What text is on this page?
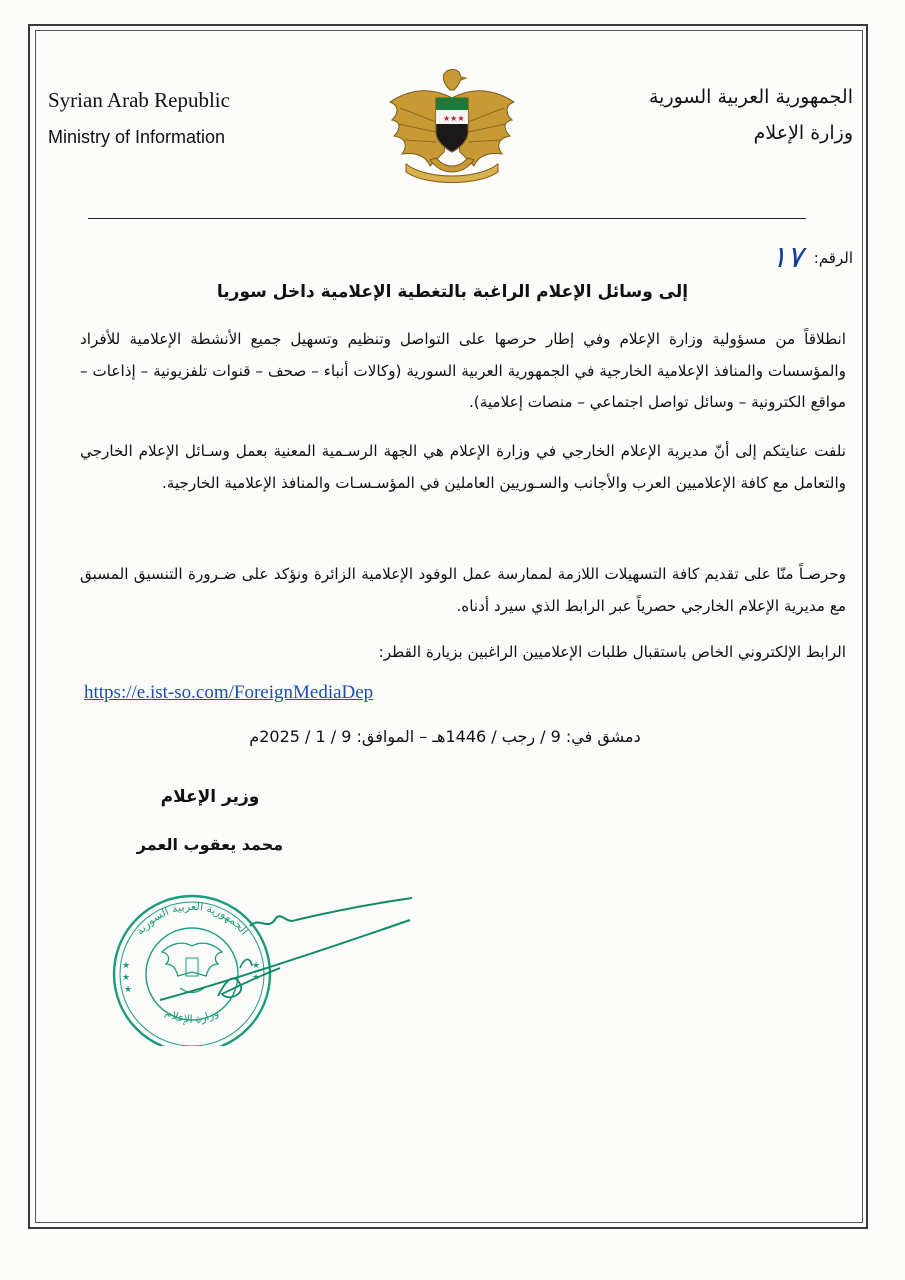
Syrian Arab Republic
Ministry of Information
الجمهورية العربية السورية
وزارة الإعلام
★★★
الرقم: ١٧
إلى وسائل الإعلام الراغبة بالتغطية الإعلامية داخل سوريا
انطلاقاً من مسؤولية وزارة الإعلام وفي إطار حرصها على التواصل وتنظيم وتسهيل جميع الأنشطة الإعلامية للأفراد والمؤسسات والمنافذ الإعلامية الخارجية في الجمهورية العربية السورية (وكالات أنباء – صحف – قنوات تلفزيونية – إذاعات – مواقع الكترونية – وسائل تواصل اجتماعي – منصات إعلامية).
نلفت عنايتكم إلى أنّ مديرية الإعلام الخارجي في وزارة الإعلام هي الجهة الرسـمية المعنية بعمل وسـائل الإعلام الخارجي والتعامل مع كافة الإعلاميين العرب والأجانب والسـوريين العاملين في المؤسـسـات والمنافذ الإعلامية الخارجية.
وحرصـاً منّا على تقديم كافة التسهيلات اللازمة لممارسة عمل الوفود الإعلامية الزائرة ونؤكد على ضـرورة التنسيق المسبق مع مديرية الإعلام الخارجي حصرياً عبر الرابط الذي سيرد أدناه.
الرابط الإلكتروني الخاص باستقبال طلبات الإعلاميين الراغبين بزيارة القطر:
https://e.ist-so.com/ForeignMediaDep
دمشق في: 9 / رجب / 1446هـ – الموافق: 9 / 1 / 2025م
وزير الإعلام
محمد يعقوب العمر
الجمهورية العربية السورية
وزارة الإعلام
★
★
★
★
★
